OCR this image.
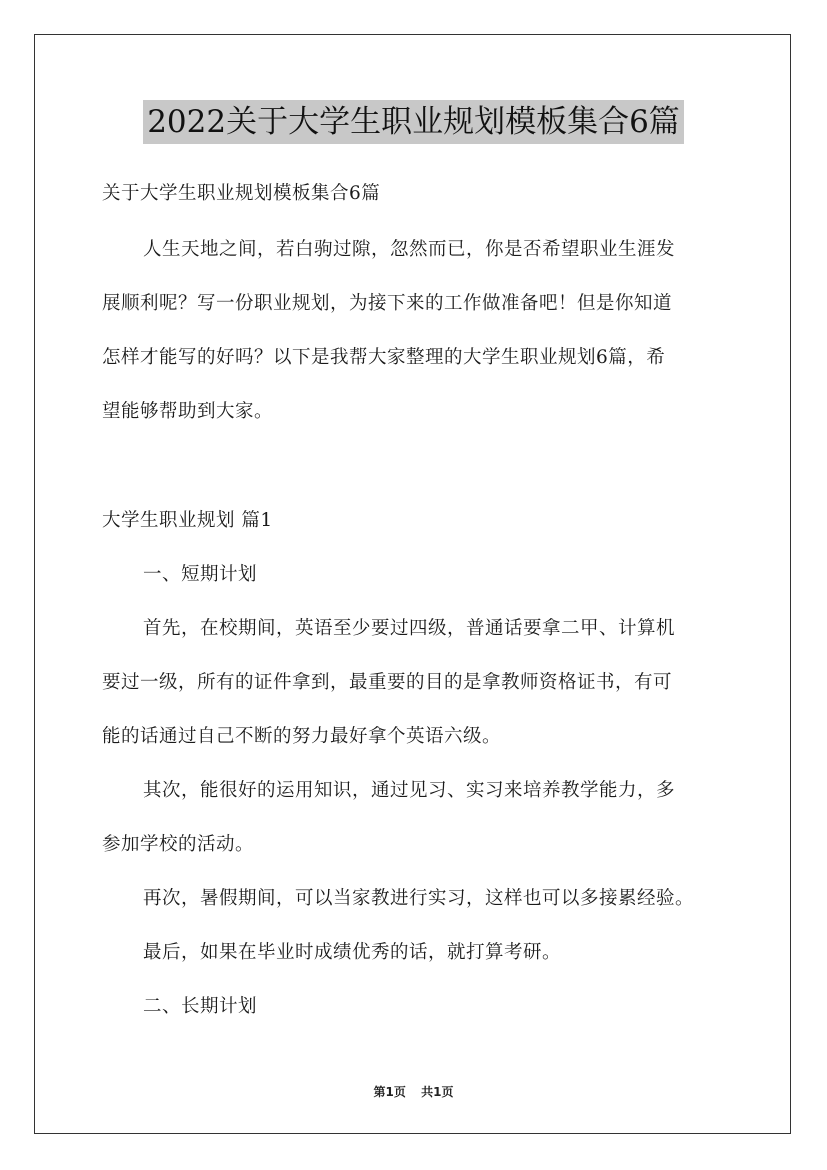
2022关于大学生职业规划模板集合6篇
关于大学生职业规划模板集合6篇
人生天地之间，若白驹过隙，忽然而已，你是否希望职业生涯发
展顺利呢？写一份职业规划，为接下来的工作做准备吧！但是你知道
怎样才能写的好吗？以下是我帮大家整理的大学生职业规划6篇，希
望能够帮助到大家。
大学生职业规划 篇1
一、短期计划
首先，在校期间，英语至少要过四级，普通话要拿二甲、计算机
要过一级，所有的证件拿到，最重要的目的是拿教师资格证书，有可
能的话通过自己不断的努力最好拿个英语六级。
其次，能很好的运用知识，通过见习、实习来培养教学能力，多
参加学校的活动。
再次，暑假期间，可以当家教进行实习，这样也可以多接累经验。
最后，如果在毕业时成绩优秀的话，就打算考研。
二、长期计划
第1页 共1页
